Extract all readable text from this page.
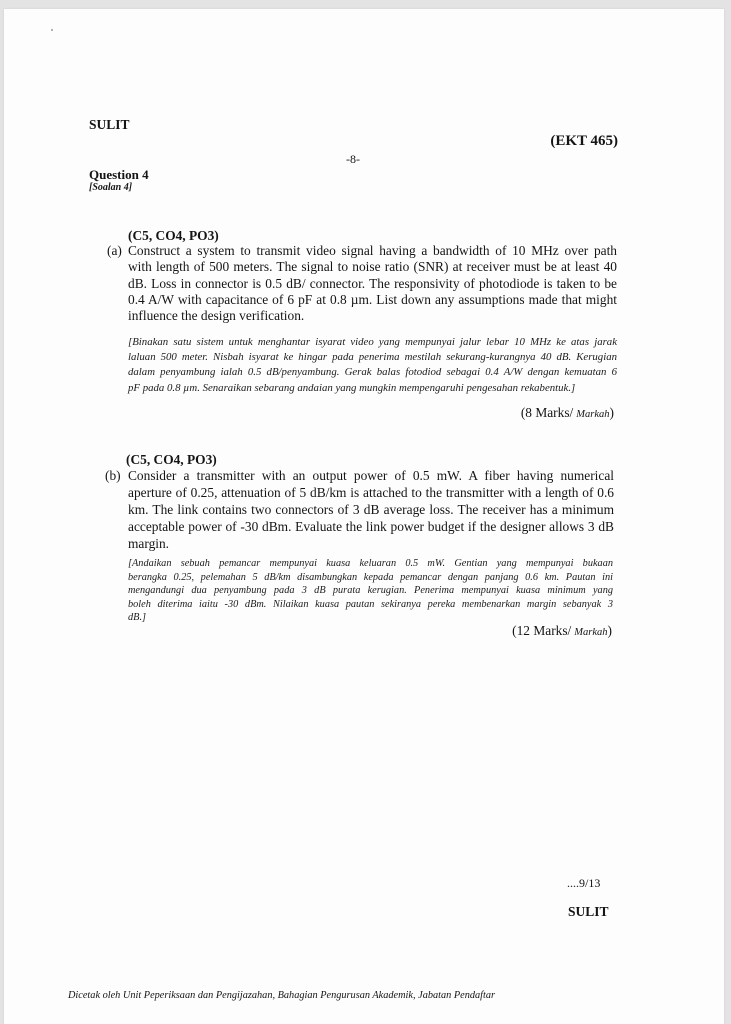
SULIT
(EKT 465)
-8-
Question 4
[Soalan 4]
(C5, CO4, PO3)
(a) Construct a system to transmit video signal having a bandwidth of 10 MHz over path
with length of 500 meters. The signal to noise ratio (SNR) at receiver must be at least 40
dB. Loss in connector is 0.5 dB/ connector. The responsivity of photodiode is taken to be
0.4 A/W with capacitance of 6 pF at 0.8 µm. List down any assumptions made that might
influence the design verification.
[Binakan satu sistem untuk menghantar isyarat video yang mempunyai jalur lebar 10 MHz ke atas jarak
laluan 500 meter. Nisbah isyarat ke hingar pada penerima mestilah sekurang-kurangnya 40 dB. Kerugian
dalam penyambung ialah 0.5 dB/penyambung. Gerak balas fotodiod sebagai 0.4 A/W dengan kemuatan 6
pF pada 0.8 µm. Senaraikan sebarang andaian yang mungkin mempengaruhi pengesahan rekabentuk.]
(8 Marks/ Markah)
(C5, CO4, PO3)
(b) Consider a transmitter with an output power of 0.5 mW. A fiber having numerical
aperture of 0.25, attenuation of 5 dB/km is attached to the transmitter with a length of 0.6
km. The link contains two connectors of 3 dB average loss. The receiver has a minimum
acceptable power of -30 dBm. Evaluate the link power budget if the designer allows 3 dB
margin.
[Andaikan sebuah pemancar mempunyai kuasa keluaran 0.5 mW. Gentian yang mempunyai bukaan
berangka 0.25, pelemahan 5 dB/km disambungkan kepada pemancar dengan panjang 0.6 km. Pautan ini
mengandungi dua penyambung pada 3 dB purata kerugian. Penerima mempunyai kuasa minimum yang
boleh diterima iaitu -30 dBm. Nilaikan kuasa pautan sekiranya pereka membenarkan margin sebanyak 3
dB.]
(12 Marks/ Markah)
....9/13
SULIT
Dicetak oleh Unit Peperiksaan dan Pengijazahan, Bahagian Pengurusan Akademik, Jabatan Pendaftar
